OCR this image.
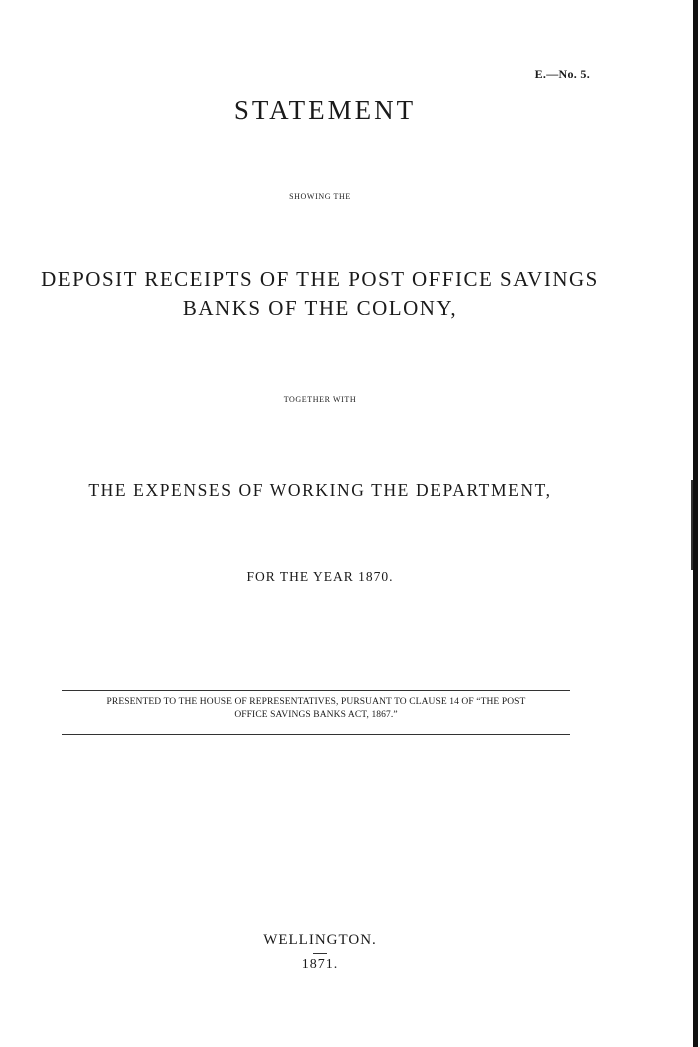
E.—No. 5.
STATEMENT
SHOWING THE
DEPOSIT RECEIPTS OF THE POST OFFICE SAVINGS
BANKS OF THE COLONY,
TOGETHER WITH
THE EXPENSES OF WORKING THE DEPARTMENT,
FOR THE YEAR 1870.
PRESENTED TO THE HOUSE OF REPRESENTATIVES, PURSUANT TO CLAUSE 14 OF “THE POST
OFFICE SAVINGS BANKS ACT, 1867.”
WELLINGTON.
1871.
